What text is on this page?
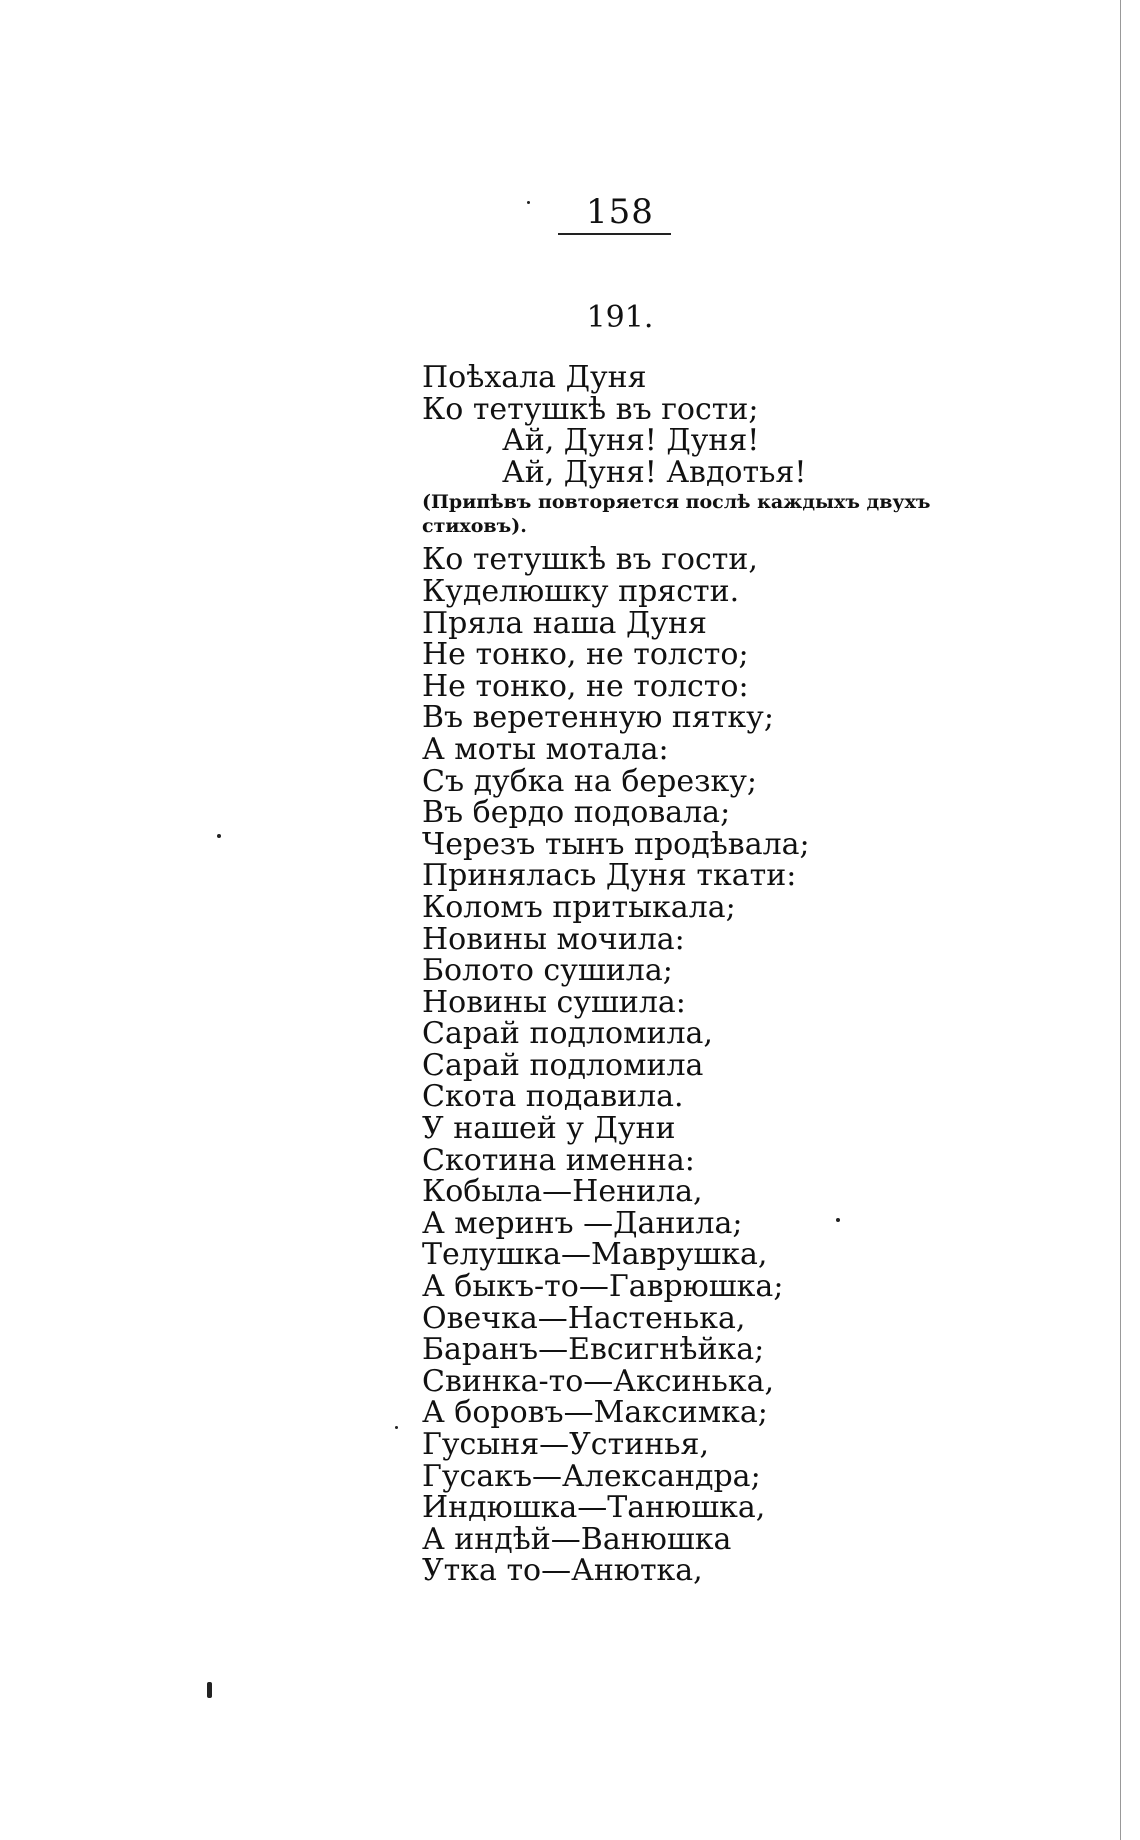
158
191.
Поѣхала Дуня
Ко тетушкѣ въ гости;
Ай, Дуня! Дуня!
Ай, Дуня! Авдотья!
(Припѣвъ повторяется послѣ каждыхъ двухъ стиховъ).
Ко тетушкѣ въ гости,
Куделюшку прясти.
Пряла наша Дуня
Не тонко, не толсто;
Не тонко, не толсто:
Въ веретенную пятку;
А моты мотала:
Съ дубка на березку;
Въ бердо подовала;
Черезъ тынъ продѣвала;
Принялась Дуня ткати:
Коломъ притыкала;
Новины мочила:
Болото сушила;
Новины сушила:
Сарай подломила,
Сарай подломила
Скота подавила.
У нашей у Дуни
Скотина именна:
Кобыла—Ненила,
А меринъ —Данила;
Телушка—Маврушка,
А быкъ-то—Гаврюшка;
Овечка—Настенька,
Баранъ—Евсигнѣйка;
Свинка-то—Аксинька,
А боровъ—Максимка;
Гусыня—Устинья,
Гусакъ—Александра;
Индюшка—Танюшка,
А индѣй—Ванюшка
Утка то—Анютка,
